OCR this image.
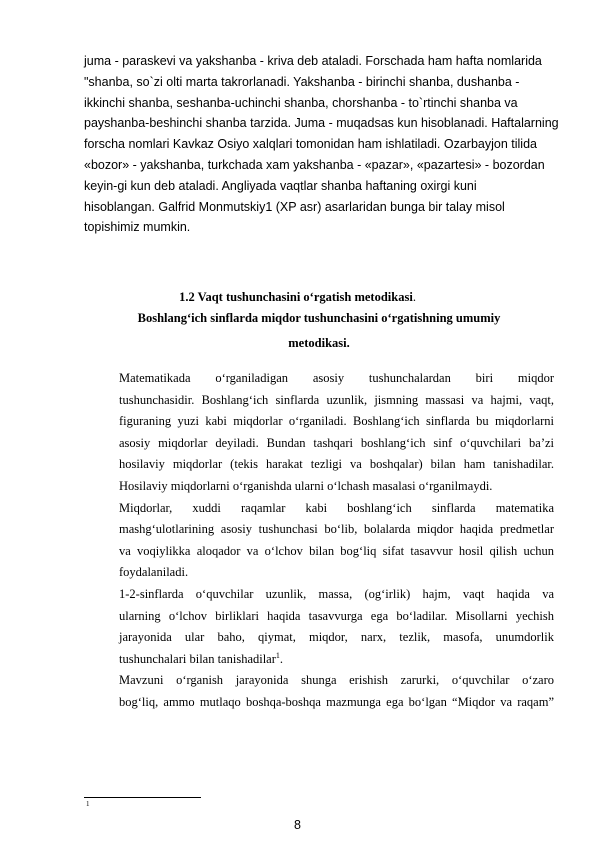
juma - paraskevi va yakshanba - kriva deb ataladi. Forschada ham hafta nomlarida
"shanba, so`zi olti marta takrorlanadi. Yakshanba - birinchi shanba, dushanba -
ikkinchi shanba, seshanba-uchinchi shanba, chorshanba - to`rtinchi shanba va
payshanba-beshinchi shanba tarzida. Juma - muqadsas kun hisoblanadi. Haftalarning
forscha nomlari Kavkaz Osiyo xalqlari tomonidan ham ishlatiladi. Ozarbayjon tilida
«bozor» - yakshanba, turkchada xam yakshanba - «pazar», «pazartesi» - bozordan
keyin-gi kun deb ataladi. Angliyada vaqtlar shanba haftaning oxirgi kuni
hisoblangan. Galfrid Monmutskiy1 (XP asr) asarlaridan bunga bir talay misol
topishimiz mumkin.
1.2 Vaqt tushunchasini o‘rgatish metodikasi.
Boshlang‘ich sinflarda miqdor tushunchasini o‘rgatishning umumiy
metodikasi.
Matematikada o‘rganiladigan asosiy tushunchalardan biri miqdor
tushunchasidir. Boshlang‘ich sinflarda uzunlik, jismning massasi va hajmi, vaqt,
figuraning yuzi kabi miqdorlar o‘rganiladi. Boshlang‘ich sinflarda bu miqdorlarni
asosiy miqdorlar deyiladi. Bundan tashqari boshlang‘ich sinf o‘quvchilari ba’zi
hosilaviy miqdorlar (tekis harakat tezligi va boshqalar) bilan ham tanishadilar.
Hosilaviy miqdorlarni o‘rganishda ularni o‘lchash masalasi o‘rganilmaydi.
Miqdorlar, xuddi raqamlar kabi boshlang‘ich sinflarda matematika
mashg‘ulotlarining asosiy tushunchasi bo‘lib, bolalarda miqdor haqida predmetlar
va voqiylikka aloqador va o‘lchov bilan bog‘liq sifat tasavvur hosil qilish uchun
foydalaniladi.
1-2-sinflarda o‘quvchilar uzunlik, massa, (og‘irlik) hajm, vaqt haqida va
ularning o‘lchov birliklari haqida tasavvurga ega bo‘ladilar. Misollarni yechish
jarayonida ular baho, qiymat, miqdor, narx, tezlik, masofa, unumdorlik
tushunchalari bilan tanishadilar$^1$.
Mavzuni o‘rganish jarayonida shunga erishish zarurki, o‘quvchilar o‘zaro
bog‘liq, ammo mutlaqo boshqa-boshqa mazmunga ega bo‘lgan “Miqdor va raqam”
1
8
